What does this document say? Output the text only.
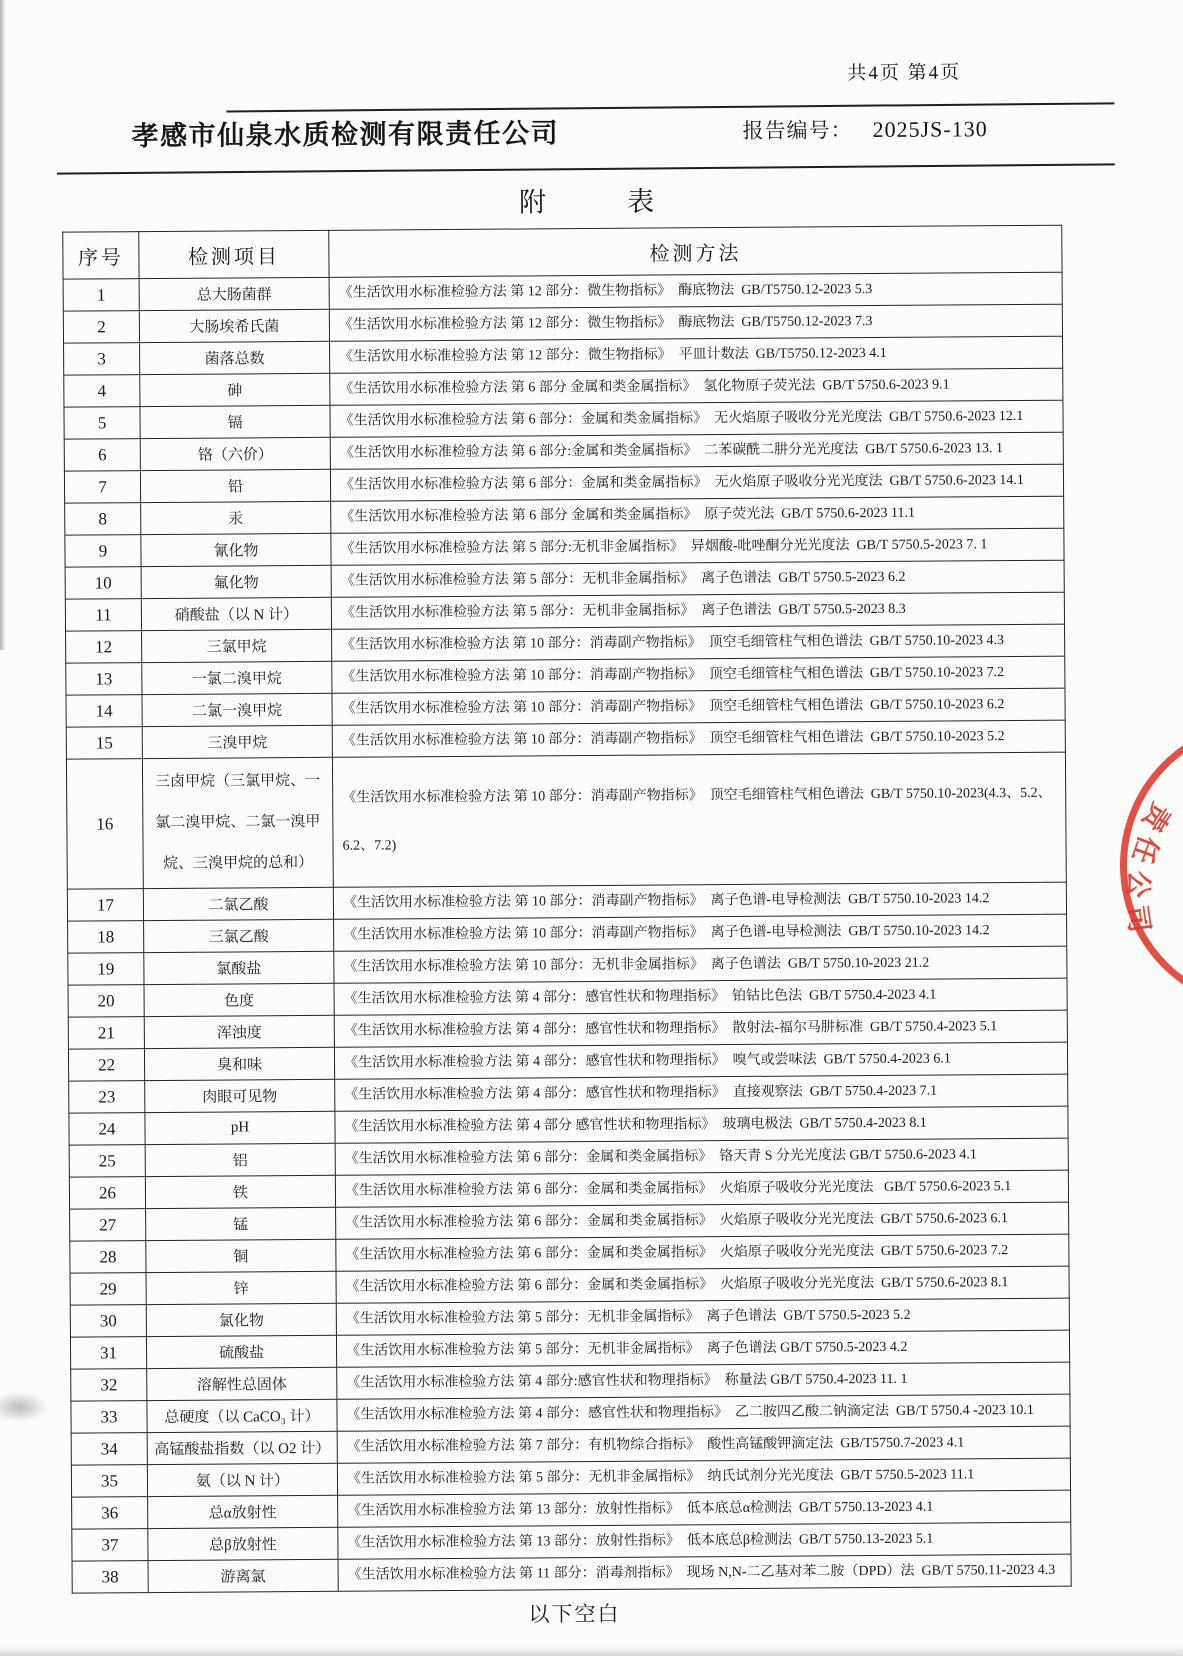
共4页 第4页
孝感市仙泉水质检测有限责任公司	报告编号： 2025JS-130
附　　　表
序号	检测项目	检测方法
1	总大肠菌群	《生活饮用水标准检验方法 第 12 部分：微生物指标》  酶底物法  GB/T5750.12-2023 5.3
2	大肠埃希氏菌	《生活饮用水标准检验方法 第 12 部分：微生物指标》  酶底物法  GB/T5750.12-2023 7.3
3	菌落总数	《生活饮用水标准检验方法 第 12 部分：微生物指标》  平皿计数法  GB/T5750.12-2023 4.1
4	砷	《生活饮用水标准检验方法 第 6 部分 金属和类金属指标》  氢化物原子荧光法  GB/T 5750.6-2023 9.1
5	镉	《生活饮用水标准检验方法 第 6 部分：金属和类金属指标》  无火焰原子吸收分光光度法  GB/T 5750.6-2023 12.1
6	铬（六价）	《生活饮用水标准检验方法 第 6 部分:金属和类金属指标》  二苯碳酰二肼分光光度法  GB/T 5750.6-2023 13. 1
7	铅	《生活饮用水标准检验方法 第 6 部分：金属和类金属指标》  无火焰原子吸收分光光度法  GB/T 5750.6-2023 14.1
8	汞	《生活饮用水标准检验方法 第 6 部分 金属和类金属指标》  原子荧光法  GB/T 5750.6-2023 11.1
9	氰化物	《生活饮用水标准检验方法 第 5 部分:无机非金属指标》  异烟酸-吡唑酮分光光度法  GB/T 5750.5-2023 7. 1
10	氟化物	《生活饮用水标准检验方法 第 5 部分：无机非金属指标》  离子色谱法  GB/T 5750.5-2023 6.2
11	硝酸盐（以 N 计）	《生活饮用水标准检验方法 第 5 部分：无机非金属指标》  离子色谱法  GB/T 5750.5-2023 8.3
12	三氯甲烷	《生活饮用水标准检验方法 第 10 部分：消毒副产物指标》  顶空毛细管柱气相色谱法  GB/T 5750.10-2023 4.3
13	一氯二溴甲烷	《生活饮用水标准检验方法 第 10 部分：消毒副产物指标》  顶空毛细管柱气相色谱法  GB/T 5750.10-2023 7.2
14	二氯一溴甲烷	《生活饮用水标准检验方法 第 10 部分：消毒副产物指标》  顶空毛细管柱气相色谱法  GB/T 5750.10-2023 6.2
15	三溴甲烷	《生活饮用水标准检验方法 第 10 部分：消毒副产物指标》  顶空毛细管柱气相色谱法  GB/T 5750.10-2023 5.2
16	三卤甲烷（三氯甲烷、一氯二溴甲烷、二氯一溴甲烷、三溴甲烷的总和）	《生活饮用水标准检验方法 第 10 部分：消毒副产物指标》  顶空毛细管柱气相色谱法  GB/T 5750.10-2023(4.3、5.2、6.2、7.2)
17	二氯乙酸	《生活饮用水标准检验方法 第 10 部分：消毒副产物指标》  离子色谱-电导检测法  GB/T 5750.10-2023 14.2
18	三氯乙酸	《生活饮用水标准检验方法 第 10 部分：消毒副产物指标》  离子色谱-电导检测法  GB/T 5750.10-2023 14.2
19	氯酸盐	《生活饮用水标准检验方法 第 10 部分：无机非金属指标》  离子色谱法  GB/T 5750.10-2023 21.2
20	色度	《生活饮用水标准检验方法 第 4 部分：感官性状和物理指标》  铂钴比色法  GB/T 5750.4-2023 4.1
21	浑浊度	《生活饮用水标准检验方法 第 4 部分：感官性状和物理指标》  散射法-福尔马肼标准  GB/T 5750.4-2023 5.1
22	臭和味	《生活饮用水标准检验方法 第 4 部分：感官性状和物理指标》  嗅气或尝味法  GB/T 5750.4-2023 6.1
23	肉眼可见物	《生活饮用水标准检验方法 第 4 部分：感官性状和物理指标》  直接观察法  GB/T 5750.4-2023 7.1
24	pH	《生活饮用水标准检验方法 第 4 部分 感官性状和物理指标》  玻璃电极法  GB/T 5750.4-2023 8.1
25	铝	《生活饮用水标准检验方法 第 6 部分：金属和类金属指标》  铬天青 S 分光光度法 GB/T 5750.6-2023 4.1
26	铁	《生活饮用水标准检验方法 第 6 部分：金属和类金属指标》  火焰原子吸收分光光度法   GB/T 5750.6-2023 5.1
27	锰	《生活饮用水标准检验方法 第 6 部分：金属和类金属指标》  火焰原子吸收分光光度法  GB/T 5750.6-2023 6.1
28	铜	《生活饮用水标准检验方法 第 6 部分：金属和类金属指标》  火焰原子吸收分光光度法  GB/T 5750.6-2023 7.2
29	锌	《生活饮用水标准检验方法 第 6 部分：金属和类金属指标》  火焰原子吸收分光光度法  GB/T 5750.6-2023 8.1
30	氯化物	《生活饮用水标准检验方法 第 5 部分：无机非金属指标》  离子色谱法  GB/T 5750.5-2023 5.2
31	硫酸盐	《生活饮用水标准检验方法 第 5 部分：无机非金属指标》  离子色谱法 GB/T 5750.5-2023 4.2
32	溶解性总固体	《生活饮用水标准检验方法 第 4 部分:感官性状和物理指标》  称量法 GB/T 5750.4-2023 11. 1
33	总硬度（以 CaCO₃ 计）	《生活饮用水标准检验方法 第 4 部分：感官性状和物理指标》  乙二胺四乙酸二钠滴定法  GB/T 5750.4 -2023 10.1
34	高锰酸盐指数（以 O2 计）	《生活饮用水标准检验方法 第 7 部分：有机物综合指标》  酸性高锰酸钾滴定法  GB/T5750.7-2023 4.1
35	氨（以 N 计）	《生活饮用水标准检验方法 第 5 部分：无机非金属指标》  纳氏试剂分光光度法  GB/T 5750.5-2023 11.1
36	总α放射性	《生活饮用水标准检验方法 第 13 部分：放射性指标》  低本底总α检测法  GB/T 5750.13-2023 4.1
37	总β放射性	《生活饮用水标准检验方法 第 13 部分：放射性指标》  低本底总β检测法  GB/T 5750.13-2023 5.1
38	游离氯	《生活饮用水标准检验方法 第 11 部分：消毒剂指标》  现场 N,N-二乙基对苯二胺（DPD）法  GB/T 5750.11-2023 4.3
以下空白
责
任
公
司
